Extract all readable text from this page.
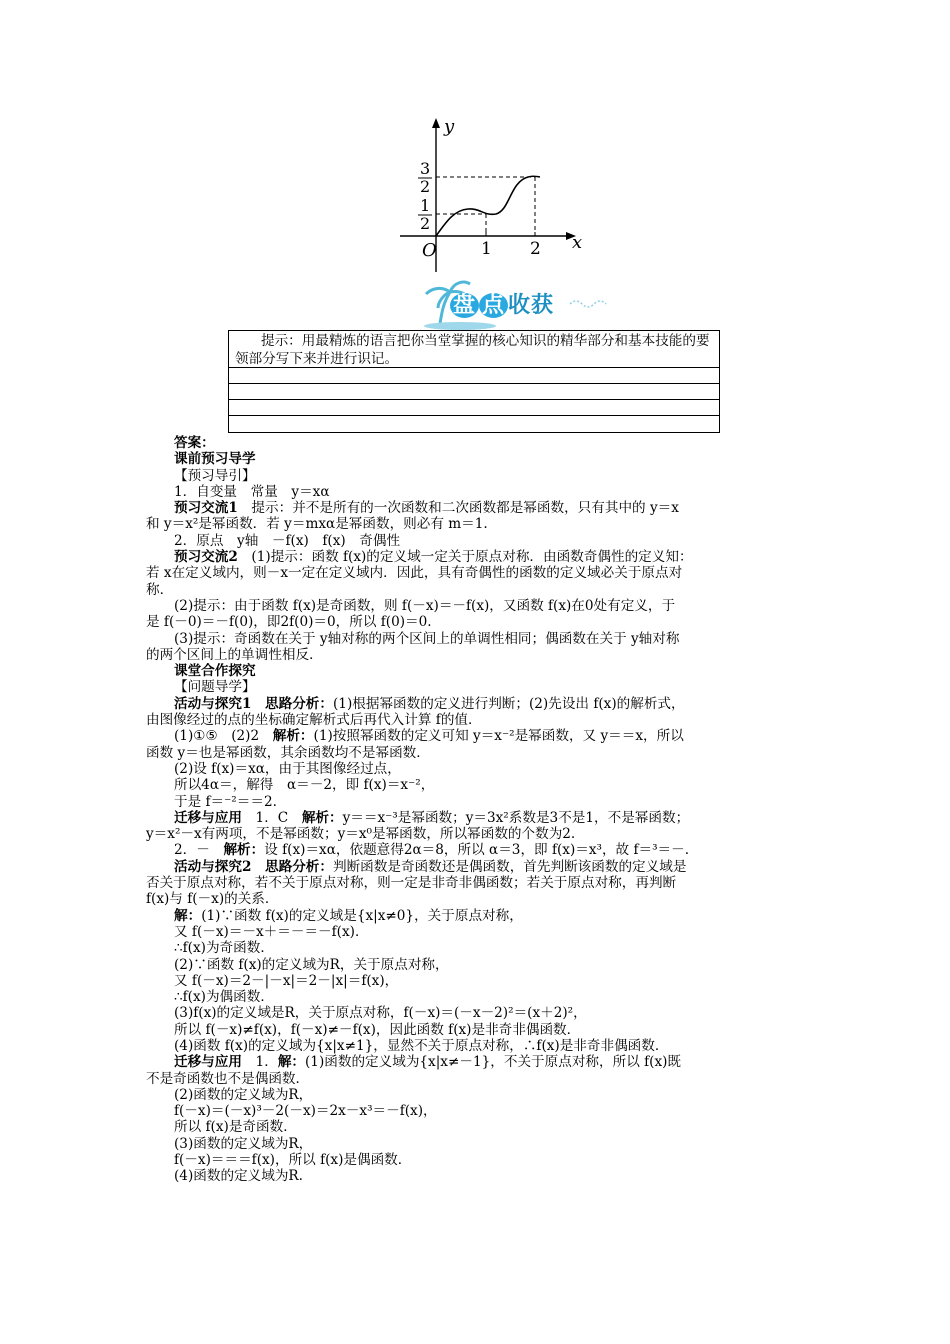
y
x
O	1 2
3
2
1
2
盘 点 收获
提示：用最精炼的语言把你当堂掌握的核心知识的精华部分和基本技能的要领部分写下来并进行识记。

答案：

课前预习导学

【预习导引】

1．自变量　常量　y＝xα

预习交流1　提示：并不是所有的一次函数和二次函数都是幂函数，只有其中的 y＝x

和 y＝x²是幂函数．若 y＝mxα是幂函数，则必有 m＝1.

2．原点　y轴　－f(x)　f(x)　奇偶性

预习交流2　(1)提示：函数 f(x)的定义域一定关于原点对称．由函数奇偶性的定义知：

若 x在定义域内，则－x一定在定义域内．因此，具有奇偶性的函数的定义域必关于原点对

称．

(2)提示：由于函数 f(x)是奇函数，则 f(－x)＝－f(x)，又函数 f(x)在0处有定义，于

是 f(－0)＝－f(0)，即2f(0)＝0，所以 f(0)＝0.

(3)提示：奇函数在关于 y轴对称的两个区间上的单调性相同；偶函数在关于 y轴对称

的两个区间上的单调性相反．

课堂合作探究

【问题导学】

活动与探究1　 思路分析：(1)根据幂函数的定义进行判断；(2)先设出 f(x)的解析式，

由图像经过的点的坐标确定解析式后再代入计算 f的值．

(1)①⑤　(2)2　解析：(1)按照幂函数的定义可知 y＝x⁻²是幂函数，又 y＝＝x，所以

函数 y＝也是幂函数，其余函数均不是幂函数．

(2)设 f(x)＝xα，由于其图像经过点，

所以4α＝，解得　α＝－2，即 f(x)＝x⁻²，

于是 f＝⁻²＝＝2.

迁移与应用　1．C　解析：y＝＝x⁻³是幂函数；y＝3x²系数是3不是1，不是幂函数；

y＝x²－x有两项，不是幂函数；y＝x⁰是幂函数，所以幂函数的个数为2.

2．－　解析：设 f(x)＝xα，依题意得2α＝8，所以 α＝3，即 f(x)＝x³，故 f＝³＝－.

活动与探究2　 思路分析：判断函数是奇函数还是偶函数，首先判断该函数的定义域是

否关于原点对称，若不关于原点对称，则一定是非奇非偶函数；若关于原点对称，再判断

f(x)与 f(－x)的关系．

解：(1)∵函数 f(x)的定义域是{x|x≠0}，关于原点对称，

又 f(－x)＝－x＋＝－＝－f(x)．

∴f(x)为奇函数．

(2)∵函数 f(x)的定义域为R，关于原点对称，

又 f(－x)＝2－|－x|＝2－|x|＝f(x)，

∴f(x)为偶函数．

(3)f(x)的定义域是R，关于原点对称，f(－x)＝(－x－2)²＝(x＋2)²，

所以 f(－x)≠f(x)，f(－x)≠－f(x)，因此函数 f(x)是非奇非偶函数．

(4)函数 f(x)的定义域为{x|x≠1}，显然不关于原点对称，∴f(x)是非奇非偶函数．

迁移与应用　1．解：(1)函数的定义域为{x|x≠－1}，不关于原点对称，所以 f(x)既

不是奇函数也不是偶函数．

(2)函数的定义域为R，

f(－x)＝(－x)³－2(－x)＝2x－x³＝－f(x)，

所以 f(x)是奇函数．

(3)函数的定义域为R，

f(－x)＝＝＝f(x)，所以 f(x)是偶函数．

(4)函数的定义域为R.
